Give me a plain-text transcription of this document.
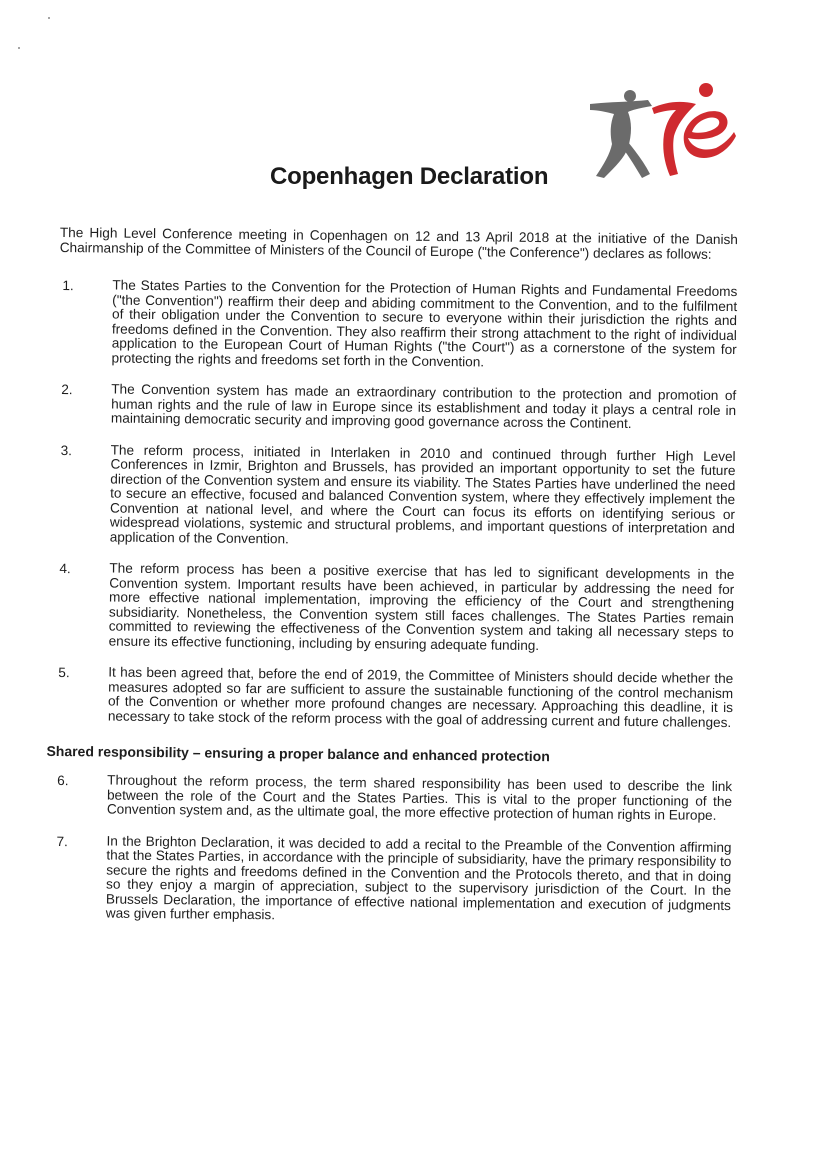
Copenhagen Declaration

The High Level Conference meeting in Copenhagen on 12 and 13 April 2018 at the initiative of the Danish Chairmanship of the Committee of Ministers of the Council of Europe ("the Conference") declares as follows:

1.	The States Parties to the Convention for the Protection of Human Rights and Fundamental Freedoms ("the Convention") reaffirm their deep and abiding commitment to the Convention, and to the fulfilment of their obligation under the Convention to secure to everyone within their jurisdiction the rights and freedoms defined in the Convention. They also reaffirm their strong attachment to the right of individual application to the European Court of Human Rights ("the Court") as a cornerstone of the system for protecting the rights and freedoms set forth in the Convention.
2.	The Convention system has made an extraordinary contribution to the protection and promotion of human rights and the rule of law in Europe since its establishment and today it plays a central role in maintaining democratic security and improving good governance across the Continent.
3.	The reform process, initiated in Interlaken in 2010 and continued through further High Level Conferences in Izmir, Brighton and Brussels, has provided an important opportunity to set the future direction of the Convention system and ensure its viability. The States Parties have underlined the need to secure an effective, focused and balanced Convention system, where they effectively implement the Convention at national level, and where the Court can focus its efforts on identifying serious or widespread violations, systemic and structural problems, and important questions of interpretation and application of the Convention.
4.	The reform process has been a positive exercise that has led to significant developments in the Convention system. Important results have been achieved, in particular by addressing the need for more effective national implementation, improving the efficiency of the Court and strengthening subsidiarity. Nonetheless, the Convention system still faces challenges. The States Parties remain committed to reviewing the effectiveness of the Convention system and taking all necessary steps to ensure its effective functioning, including by ensuring adequate funding.
5.	It has been agreed that, before the end of 2019, the Committee of Ministers should decide whether the measures adopted so far are sufficient to assure the sustainable functioning of the control mechanism of the Convention or whether more profound changes are necessary. Approaching this deadline, it is necessary to take stock of the reform process with the goal of addressing current and future challenges.

Shared responsibility – ensuring a proper balance and enhanced protection

6.	Throughout the reform process, the term shared responsibility has been used to describe the link between the role of the Court and the States Parties. This is vital to the proper functioning of the Convention system and, as the ultimate goal, the more effective protection of human rights in Europe.
7.	In the Brighton Declaration, it was decided to add a recital to the Preamble of the Convention affirming that the States Parties, in accordance with the principle of subsidiarity, have the primary responsibility to secure the rights and freedoms defined in the Convention and the Protocols thereto, and that in doing so they enjoy a margin of appreciation, subject to the supervisory jurisdiction of the Court. In the Brussels Declaration, the importance of effective national implementation and execution of judgments was given further emphasis.
